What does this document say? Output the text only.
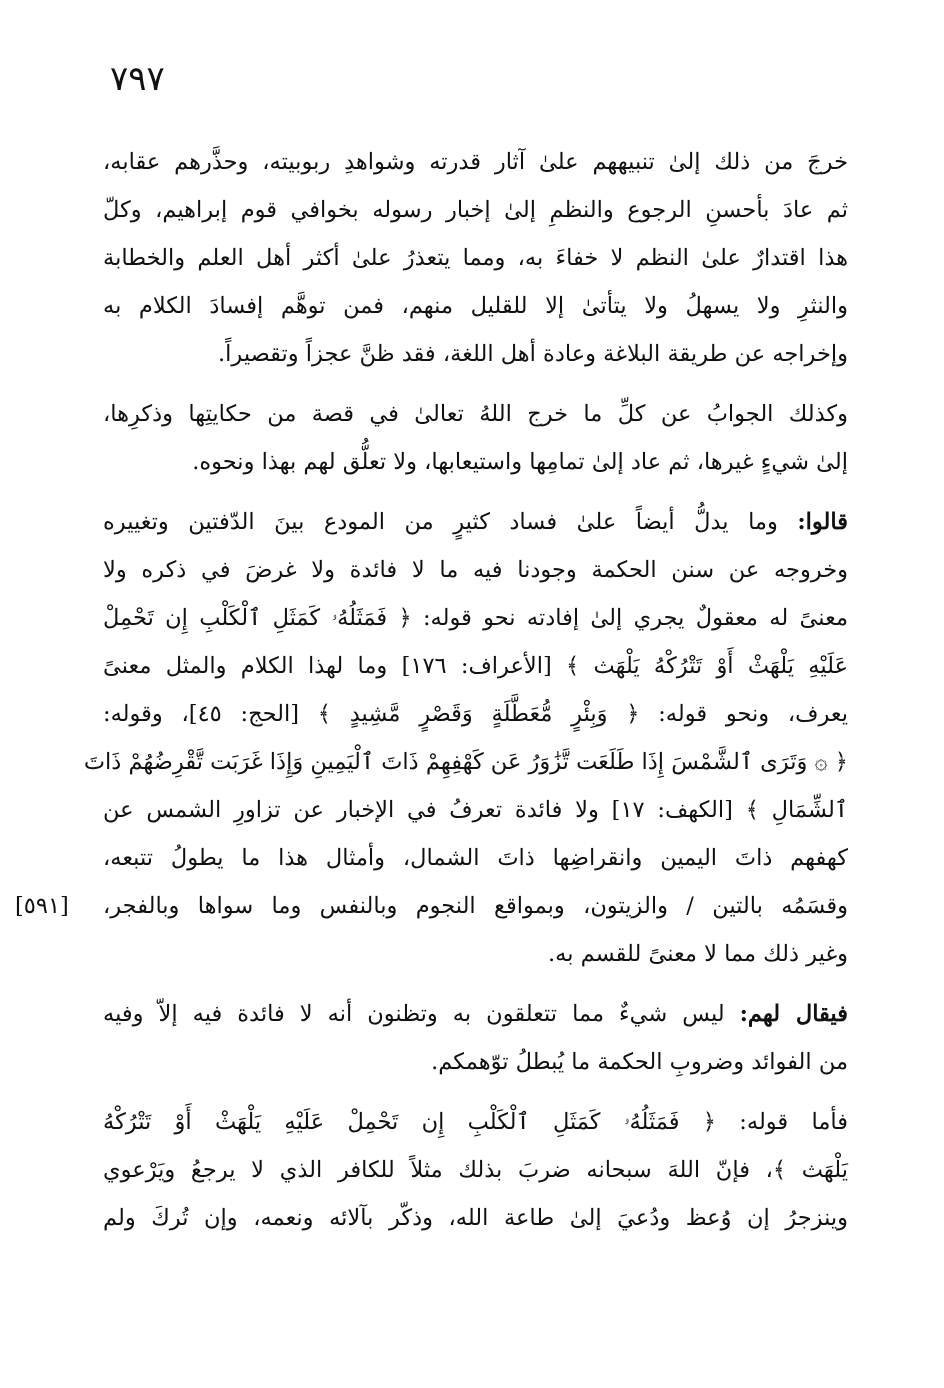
٧٩٧
خرجَ من ذلك إلىٰ تنبيههم علىٰ آثار قدرته وشواهدِ ربوبيته، وحذَّرهم عقابه،
ثم عادَ بأحسنِ الرجوع والنظمِ إلىٰ إخبار رسوله بخوافي قوم إبراهيم، وكلّ
هذا اقتدارٌ علىٰ النظم لا خفاءَ به، ومما يتعذرُ علىٰ أكثر أهل العلم والخطابة
والنثرِ ولا يسهلُ ولا يتأتىٰ إلا للقليل منهم، فمن توهَّم إفسادَ الكلام به
وإخراجه عن طريقة البلاغة وعادة أهل اللغة، فقد ظنَّ عجزاً وتقصيراً.
وكذلك الجوابُ عن كلِّ ما خرج اللهُ تعالىٰ في قصة من حكايتِها وذكرِها،
إلىٰ شيءٍ غيرها، ثم عاد إلىٰ تمامِها واستيعابها، ولا تعلُّق لهم بهذا ونحوه.
قالوا: وما يدلُّ أيضاً علىٰ فساد كثيرٍ من المودع بينَ الدّفتين وتغييره
وخروجه عن سنن الحكمة وجودنا فيه ما لا فائدة ولا غرضَ في ذكره ولا
معنىً له معقولٌ يجري إلىٰ إفادته نحو قوله: ﴿ فَمَثَلُهُۥ كَمَثَلِ ٱلْكَلْبِ إِن تَحْمِلْ
عَلَيْهِ يَلْهَثْ أَوْ تَتْرُكْهُ يَلْهَث ﴾ [الأعراف: ١٧٦] وما لهذا الكلام والمثل معنىً
يعرف، ونحو قوله: ﴿ وَبِئْرٍ مُّعَطَّلَةٍ وَقَصْرٍ مَّشِيدٍ ﴾ [الحج: ٤٥]، وقوله:
﴿ ۞ وَتَرَى ٱلشَّمْسَ إِذَا طَلَعَت تَّزَٰوَرُ عَن كَهْفِهِمْ ذَاتَ ٱلْيَمِينِ وَإِذَا غَرَبَت تَّقْرِضُهُمْ ذَاتَ
ٱلشِّمَالِ ﴾ [الكهف: ١٧] ولا فائدة تعرفُ في الإخبار عن تزاورِ الشمس عن
كهفهم ذاتَ اليمين وانقراضِها ذاتَ الشمال، وأمثال هذا ما يطولُ تتبعه،
وقسَمُه بالتين / والزيتون، وبمواقع النجوم وبالنفس وما سواها وبالفجر،
[٥٩١]
وغير ذلك مما لا معنىً للقسم به.
فيقال لهم: ليس شيءٌ مما تتعلقون به وتظنون أنه لا فائدة فيه إلاّ وفيه
من الفوائد وضروبِ الحكمة ما يُبطلُ توّهمكم.
فأما قوله: ﴿ فَمَثَلُهُۥ كَمَثَلِ ٱلْكَلْبِ إِن تَحْمِلْ عَلَيْهِ يَلْهَثْ أَوْ تَتْرُكْهُ
يَلْهَث ﴾، فإنّ اللهَ سبحانه ضربَ بذلك مثلاً للكافر الذي لا يرجعُ ويَرْعوي
وينزجرُ إن وُعظ ودُعيَ إلىٰ طاعة الله، وذكّر بآلائه ونعمه، وإن تُركَ ولم
